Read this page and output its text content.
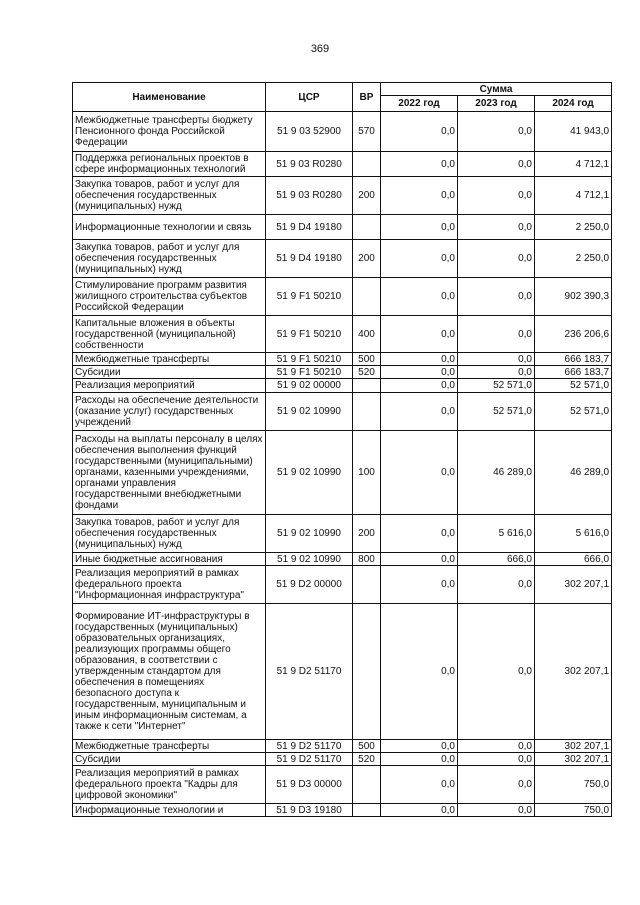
369
Наименование	ЦСР	ВР	Сумма		
			2022 год	2023 год	2024 год
Межбюджетные трансферты бюджету Пенсионного фонда Российской Федерации	51 9 03 52900	570	0,0	0,0	41 943,0
Поддержка региональных проектов в сфере информационных технологий	51 9 03 R0280		0,0	0,0	4 712,1
Закупка товаров, работ и услуг для обеспечения государственных (муниципальных) нужд	51 9 03 R0280	200	0,0	0,0	4 712,1
Информационные технологии и связь	51 9 D4 19180		0,0	0,0	2 250,0
Закупка товаров, работ и услуг для обеспечения государственных (муниципальных) нужд	51 9 D4 19180	200	0,0	0,0	2 250,0
Стимулирование программ развития жилищного строительства субъектов Российской Федерации	51 9 F1 50210		0,0	0,0	902 390,3
Капитальные вложения в объекты государственной (муниципальной) собственности	51 9 F1 50210	400	0,0	0,0	236 206,6
Межбюджетные трансферты	51 9 F1 50210	500	0,0	0,0	666 183,7
Субсидии	51 9 F1 50210	520	0,0	0,0	666 183,7
Реализация мероприятий	51 9 02 00000		0,0	52 571,0	52 571,0
Расходы на обеспечение деятельности (оказание услуг) государственных учреждений	51 9 02 10990		0,0	52 571,0	52 571,0
Расходы на выплаты персоналу в целях обеспечения выполнения функций государственными (муниципальными) органами, казенными учреждениями, органами управления государственными внебюджетными фондами	51 9 02 10990	100	0,0	46 289,0	46 289,0
Закупка товаров, работ и услуг для обеспечения государственных (муниципальных) нужд	51 9 02 10990	200	0,0	5 616,0	5 616,0
Иные бюджетные ассигнования	51 9 02 10990	800	0,0	666,0	666,0
Реализация мероприятий в рамках федерального проекта "Информационная инфраструктура"	51 9 D2 00000		0,0	0,0	302 207,1
Формирование ИТ-инфраструктуры в государственных (муниципальных) образовательных организациях, реализующих программы общего образования, в соответствии с утвержденным стандартом для обеспечения в помещениях безопасного доступа к государственным, муниципальным и иным информационным системам, а также к сети "Интернет"	51 9 D2 51170		0,0	0,0	302 207,1
Межбюджетные трансферты	51 9 D2 51170	500	0,0	0,0	302 207,1
Субсидии	51 9 D2 51170	520	0,0	0,0	302 207,1
Реализация мероприятий в рамках федерального проекта "Кадры для цифровой экономики"	51 9 D3 00000		0,0	0,0	750,0
Информационные технологии и	51 9 D3 19180		0,0	0,0	750,0
